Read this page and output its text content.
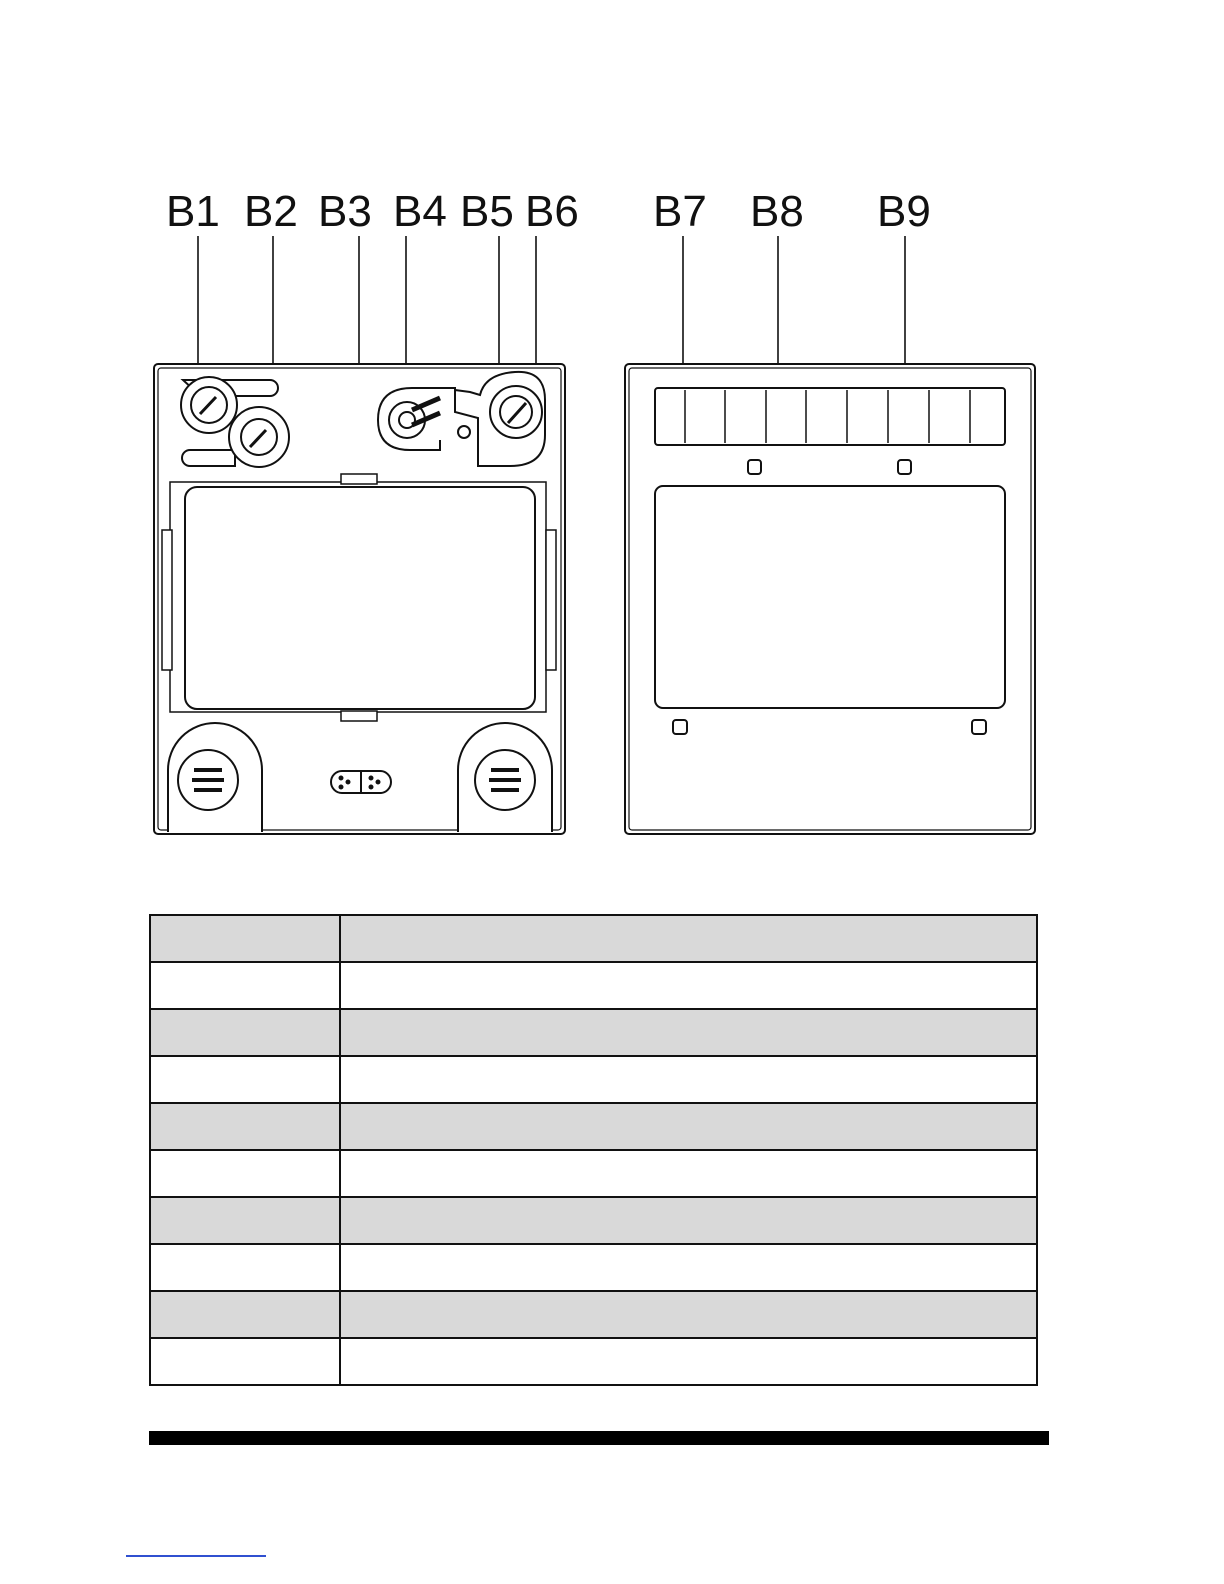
B1 B2 B3 B4 B5 B6 B7 B8 B9
